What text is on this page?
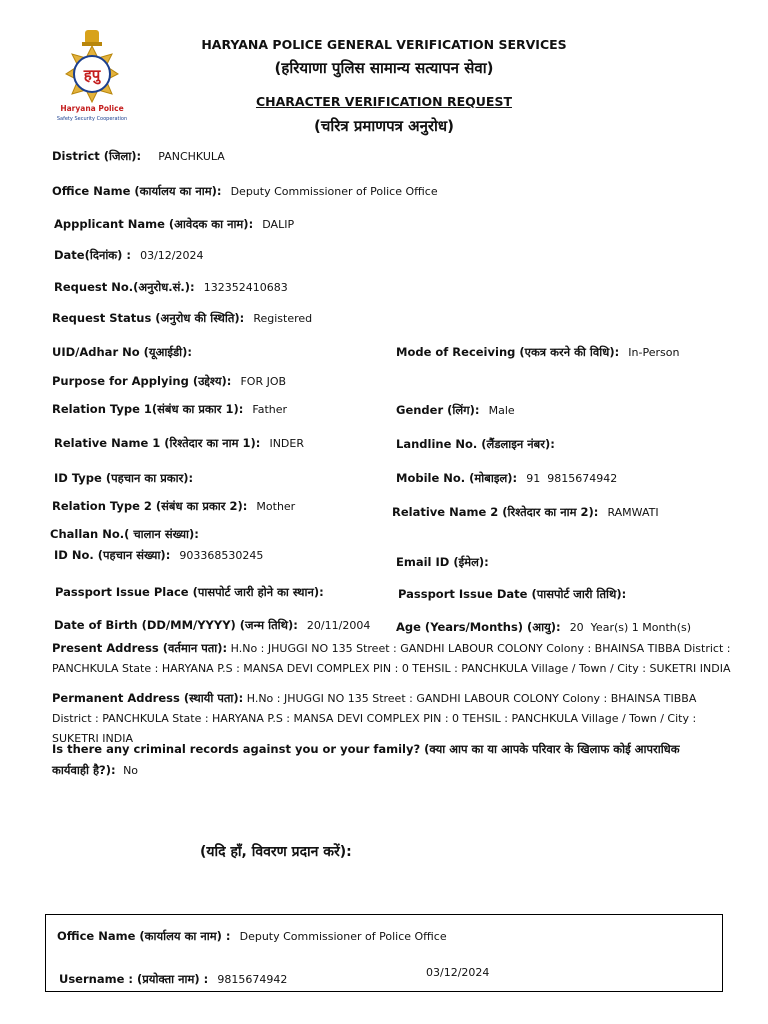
हपु
Haryana Police
Safety Security Cooperation
HARYANA POLICE GENERAL VERIFICATION SERVICES
(हरियाणा पुलिस सामान्य सत्यापन सेवा)
CHARACTER VERIFICATION REQUEST
(चरित्र प्रमाणपत्र अनुरोध)
District (जिला): PANCHKULA
Office Name (कार्यालय का नाम): Deputy Commissioner of Police Office
Appplicant Name (आवेदक का नाम): DALIP
Date(दिनांक) : 03/12/2024
Request No.(अनुरोध.सं.): 132352410683
Request Status (अनुरोध की स्थिति): Registered
UID/Adhar No (यूआईडी):	Mode of Receiving (एकत्र करने की विधि): In-Person
Purpose for Applying (उद्देश्य): FOR JOB
Relation Type 1(संबंध का प्रकार 1): Father	Gender (लिंग): Male
Relative Name 1 (रिश्तेदार का नाम 1): INDER	Landline No. (लैंडलाइन नंबर):
ID Type (पहचान का प्रकार):	Mobile No. (मोबाइल): 91  9815674942
Relation Type 2 (संबंध का प्रकार 2): Mother	Relative Name 2 (रिश्तेदार का नाम 2): RAMWATI
Challan No.( चालान संख्या):
ID No. (पहचान संख्या): 903368530245	Email ID (ईमेल):
Passport Issue Place (पासपोर्ट जारी होने का स्थान):	Passport Issue Date (पासपोर्ट जारी तिथि):
Date of Birth (DD/MM/YYYY) (जन्म तिथि): 20/11/2004 Age (Years/Months) (आयु): 20  Year(s) 1 Month(s)
Present Address (वर्तमान पता): H.No : JHUGGI NO 135 Street : GANDHI LABOUR COLONY Colony : BHAINSA TIBBA District : PANCHKULA State : HARYANA P.S : MANSA DEVI COMPLEX PIN : 0 TEHSIL : PANCHKULA Village / Town / City : SUKETRI INDIA
Permanent Address (स्थायी पता): H.No : JHUGGI NO 135 Street : GANDHI LABOUR COLONY Colony : BHAINSA TIBBA District : PANCHKULA State : HARYANA P.S : MANSA DEVI COMPLEX PIN : 0 TEHSIL : PANCHKULA Village / Town / City : SUKETRI INDIA
Is there any criminal records against you or your family? (क्या आप का या आपके परिवार के खिलाफ कोई आपराधिक कार्यवाही है?): No
(यदि हाँ, विवरण प्रदान करें):
Office Name (कार्यालय का नाम) : Deputy Commissioner of Police Office
Username : (प्रयोक्ता नाम) : 9815674942
03/12/2024
